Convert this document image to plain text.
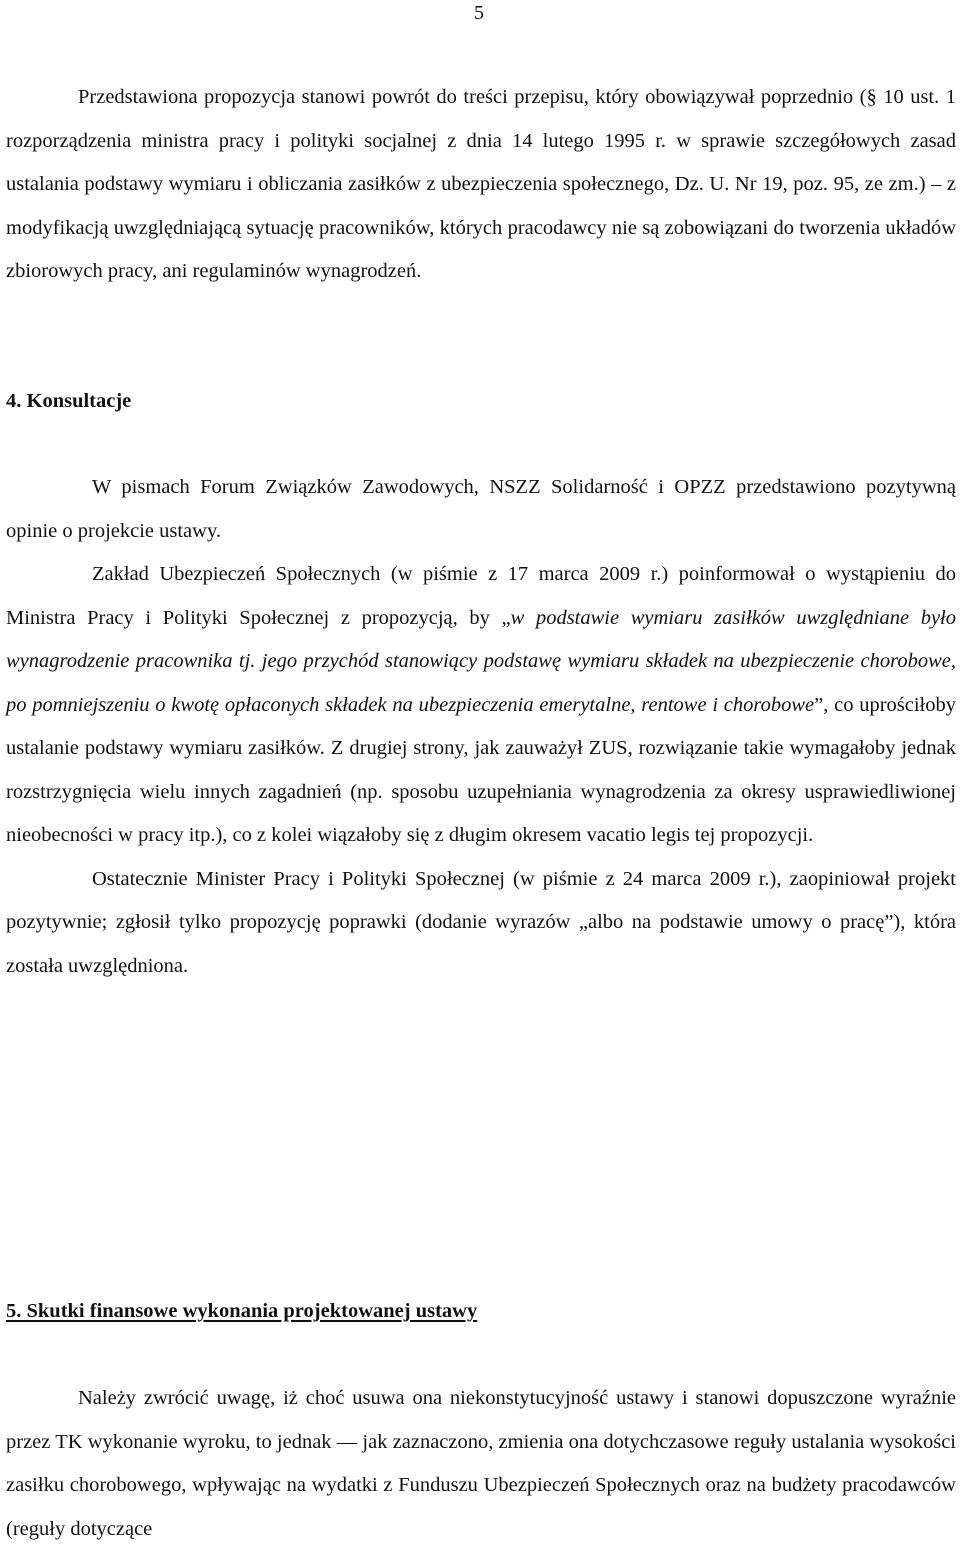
5

Przedstawiona propozycja stanowi powrót do treści przepisu, który obowiązywał poprzednio (§ 10 ust. 1 rozporządzenia ministra pracy i polityki socjalnej z dnia 14 lutego 1995 r. w sprawie szczegółowych zasad ustalania podstawy wymiaru i obliczania zasiłków z ubezpieczenia społecznego, Dz. U. Nr 19, poz. 95, ze zm.) – z modyfikacją uwzględniającą sytuację pracowników, których pracodawcy nie są zobowiązani do tworzenia układów zbiorowych pracy, ani regulaminów wynagrodzeń.

4. Konsultacje

W pismach Forum Związków Zawodowych, NSZZ Solidarność i OPZZ przedstawiono pozytywną opinie o projekcie ustawy.

Zakład Ubezpieczeń Społecznych (w piśmie z 17 marca 2009 r.) poinformował o wystąpieniu do Ministra Pracy i Polityki Społecznej z propozycją, by „w podstawie wymiaru zasiłków uwzględniane było wynagrodzenie pracownika tj. jego przychód stanowiący podstawę wymiaru składek na ubezpieczenie chorobowe, po pomniejszeniu o kwotę opłaconych składek na ubezpieczenia emerytalne, rentowe i chorobowe”, co uprościłoby ustalanie podstawy wymiaru zasiłków. Z drugiej strony, jak zauważył ZUS, rozwiązanie takie wymagałoby jednak rozstrzygnięcia wielu innych zagadnień (np. sposobu uzupełniania wynagrodzenia za okresy usprawiedliwionej nieobecności w pracy itp.), co z kolei wiązałoby się z długim okresem vacatio legis tej propozycji.

Ostatecznie Minister Pracy i Polityki Społecznej (w piśmie z 24 marca 2009 r.), zaopiniował projekt pozytywnie; zgłosił tylko propozycję poprawki (dodanie wyrazów „albo na podstawie umowy o pracę”), która została uwzględniona.

5. Skutki finansowe wykonania projektowanej ustawy

Należy zwrócić uwagę, iż choć usuwa ona niekonstytucyjność ustawy i stanowi dopuszczone wyraźnie przez TK wykonanie wyroku, to jednak — jak zaznaczono, zmienia ona dotychczasowe reguły ustalania wysokości zasiłku chorobowego, wpływając na wydatki z Funduszu Ubezpieczeń Społecznych oraz na budżety pracodawców (reguły dotyczące
